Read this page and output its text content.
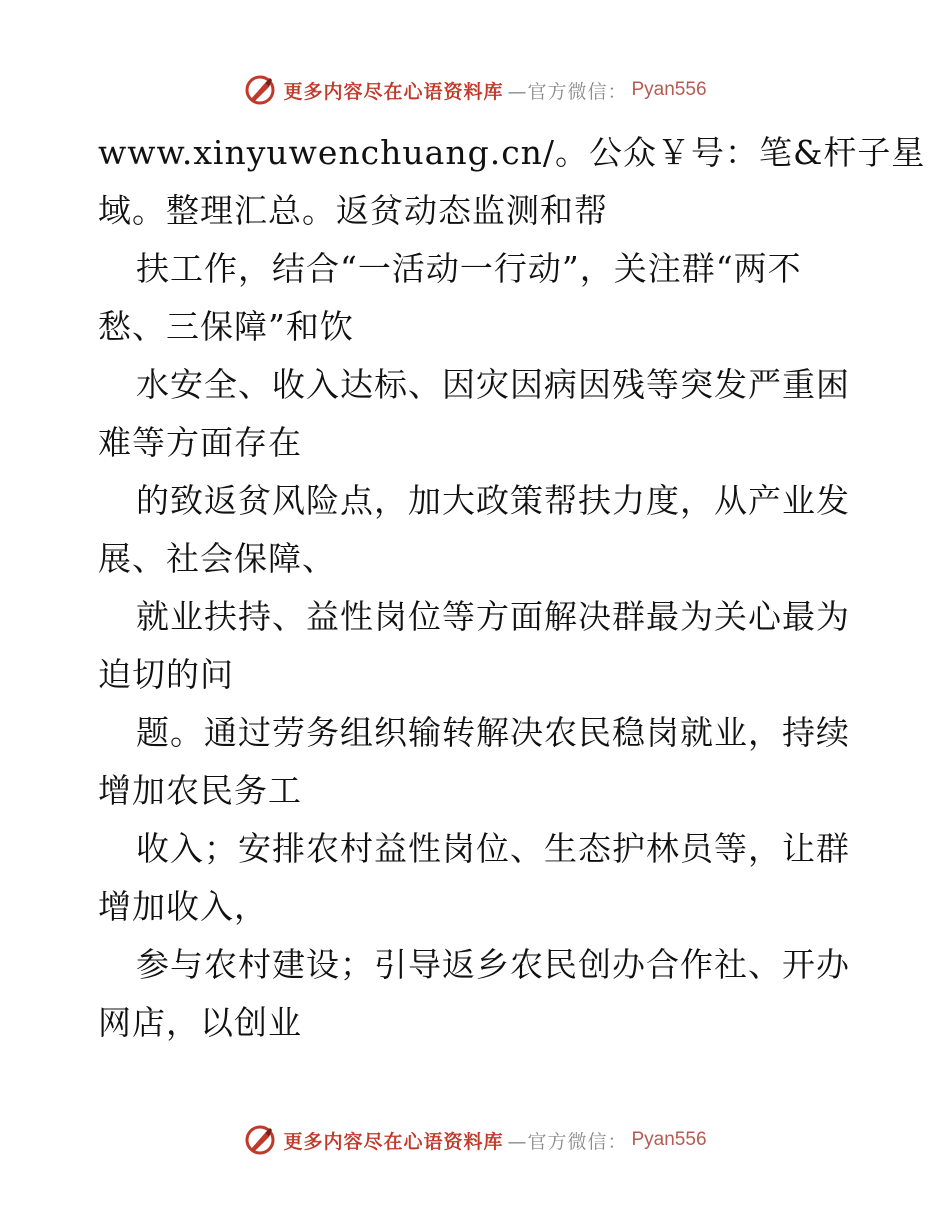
更多内容尽在心语资料库 —官方微信： Pyan556

www.xinyuwenchuang.cn/。公众￥号：笔&杆子星

域。整理汇总。返贫动态监测和帮

扶工作，结合“一活动一行动”，关注群“两不

愁、三保障”和饮

水安全、收入达标、因灾因病因残等突发严重困

难等方面存在

的致返贫风险点，加大政策帮扶力度，从产业发

展、社会保障、

就业扶持、益性岗位等方面解决群最为关心最为

迫切的问

题。通过劳务组织输转解决农民稳岗就业，持续

增加农民务工

收入；安排农村益性岗位、生态护林员等，让群

增加收入，

参与农村建设；引导返乡农民创办合作社、开办

网店，以创业

更多内容尽在心语资料库 —官方微信： Pyan556
